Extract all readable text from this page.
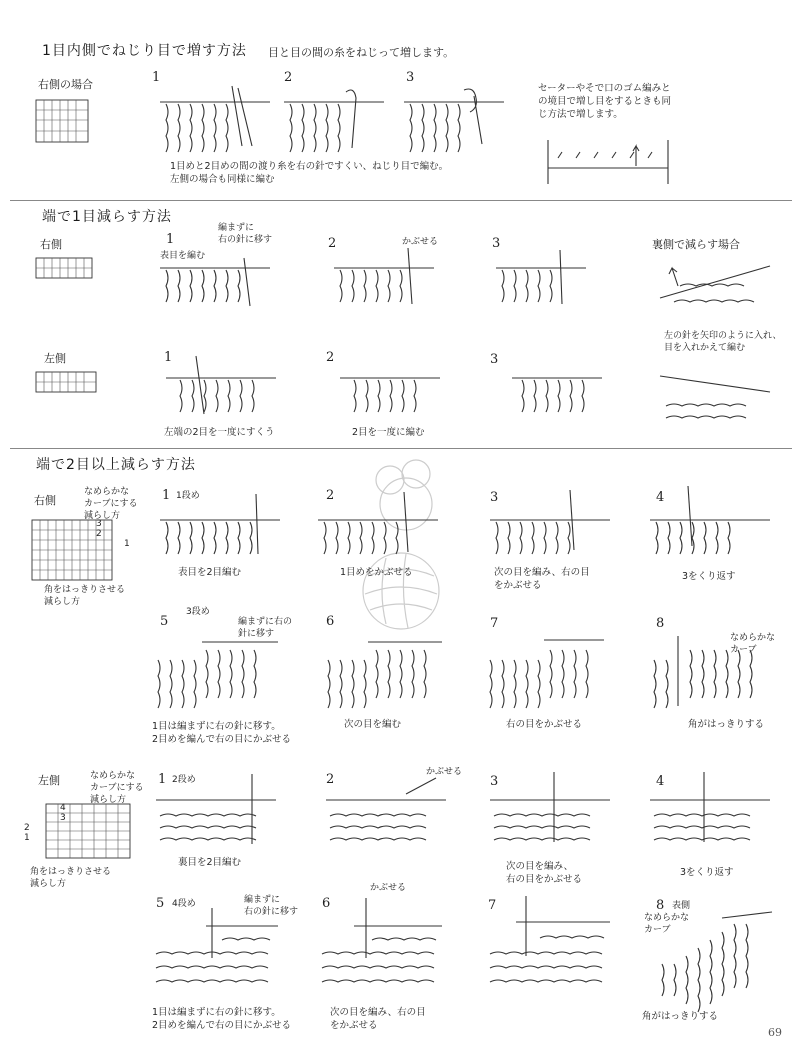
1目内側でねじり目で増す方法 目と目の間の糸をねじって増します。
右側の場合	1	2	3
1目めと2目めの間の渡り糸を右の針ですくい、ねじり目で編む。
左側の場合も同様に編む
セーターやそで口のゴム編みと
の境目で増し目をするときも同
じ方法で増します。
端で1目減らす方法
右側	1
編まずに
右の針に移す
表目を編む
2	かぶせる	3	裏側で減らす場合
左の針を矢印のように入れ、
目を入れかえて編む
左側	1	2	3
左端の2目を一度にすくう	2目を一度に編む
端で2目以上減らす方法
右側
なめらかな
カーブにする
減らし方
3
2
1
角をはっきりさせる
減らし方
1 1段め
表目を2目編む
2
1目めをかぶせる
3
次の目を編み、右の目
をかぶせる
4
3をくり返す
5
3段め
編まずに右の
針に移す
1目は編まずに右の針に移す。
2目めを編んで右の目にかぶせる
6
次の目を編む
7
右の目をかぶせる
8
なめらかな
カーブ
角がはっきりする
左側	なめらかな
カーブにする
減らし方
4
3
2
1
角をはっきりさせる
減らし方
1 2段め
裏目を2目編む
2	かぶせる
3
次の目を編み、
右の目をかぶせる
4
3をくり返す
5 4段め	編まずに
右の針に移す
1目は編まずに右の針に移す。
2目めを編んで右の目にかぶせる
6
かぶせる
次の目を編み、右の目
をかぶせる
7	8 表側
なめらかな
カーブ
角がはっきりする
69
